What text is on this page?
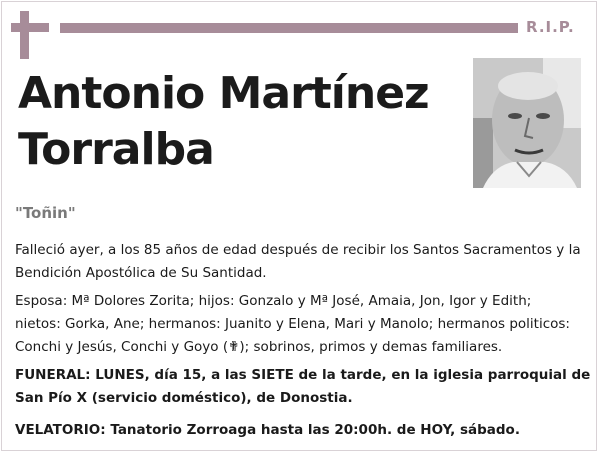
R.I.P.
Antonio Martínez
Torralba
"Toñin"

Falleció ayer, a los 85 años de edad después de recibir los Santos Sacramentos y la
Bendición Apostólica de Su Santidad.

Esposa: Mª Dolores Zorita; hijos: Gonzalo y Mª José, Amaia, Jon, Igor y Edith;
nietos: Gorka, Ane; hermanos: Juanito y Elena, Mari y Manolo; hermanos politicos:
Conchi y Jesús, Conchi y Goyo (✟); sobrinos, primos y demas familiares.

FUNERAL: LUNES, día 15, a las SIETE de la tarde, en la iglesia parroquial de
San Pío X (servicio doméstico), de Donostia.

VELATORIO: Tanatorio Zorroaga hasta las 20:00h. de HOY, sábado.
